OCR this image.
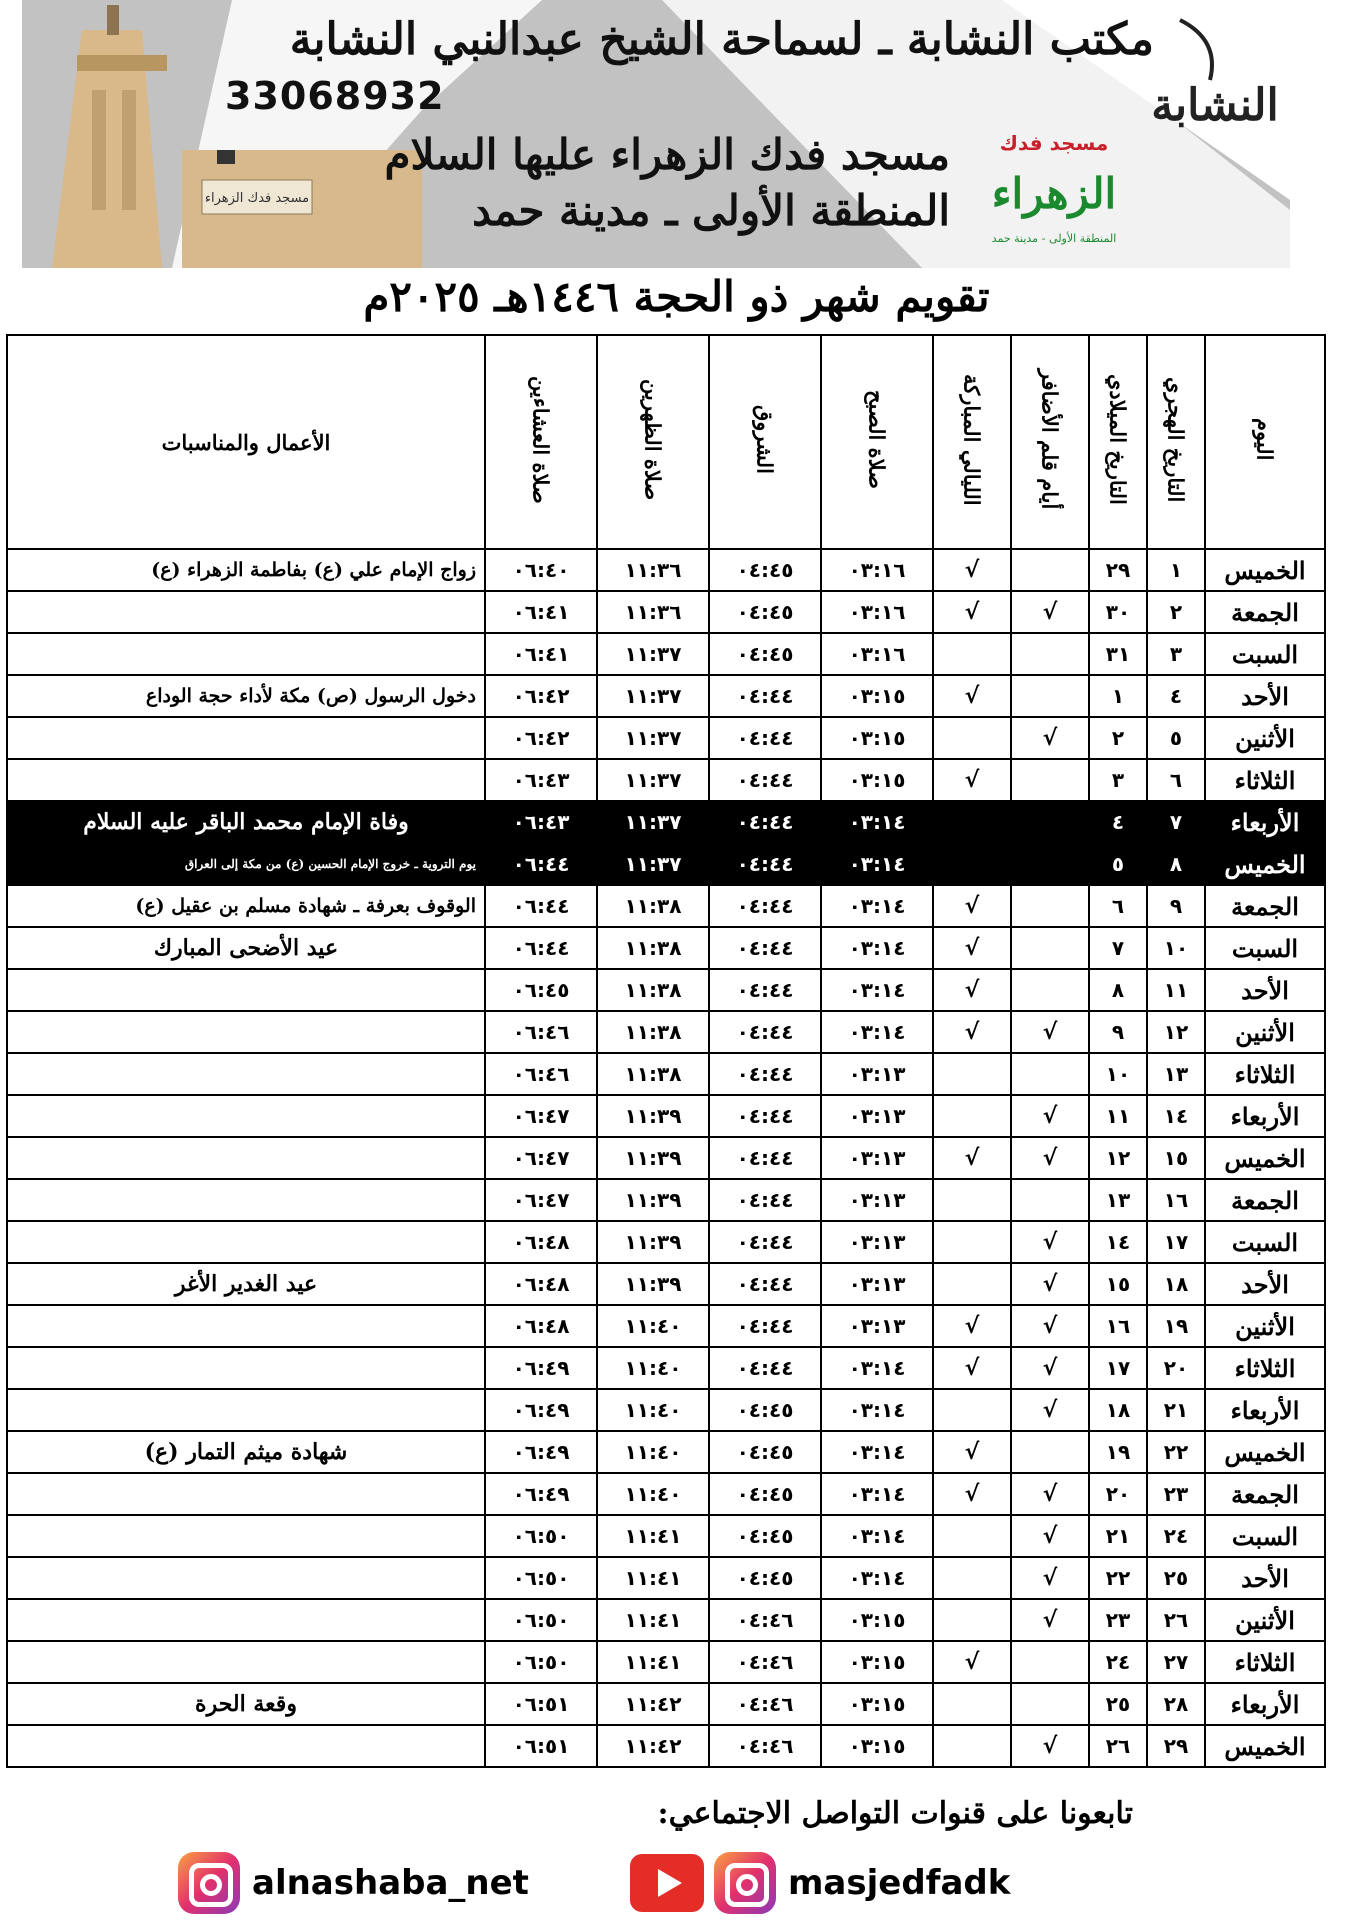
مسجد فدك الزهراء
مكتب النشابة ـ لسماحة الشيخ عبدالنبي النشابة
33068932
مسجد فدك الزهراء عليها السلام
المنطقة الأولى ـ مدينة حمد
النشابة
مسجد فدك
الزهراء
المنطقة الأولى - مدينة حمد
تقويم شهر ذو الحجة ١٤٤٦هـ ٢٠٢٥م
اليوم	التاريخ الهجري	التاريخ الميلادي	أيام قلم الأضافر	الليالي المباركة	صلاة الصبح	الشروق	صلاة الظهرين	صلاة العشاءين	الأعمال والمناسبات
الخميس	١	٢٩		√	٠٣:١٦	٠٤:٤٥	١١:٣٦	٠٦:٤٠	زواج الإمام علي (ع) بفاطمة الزهراء (ع)
الجمعة	٢	٣٠	√	√	٠٣:١٦	٠٤:٤٥	١١:٣٦	٠٦:٤١	
السبت	٣	٣١			٠٣:١٦	٠٤:٤٥	١١:٣٧	٠٦:٤١	
الأحد	٤	١		√	٠٣:١٥	٠٤:٤٤	١١:٣٧	٠٦:٤٢	دخول الرسول (ص) مكة لأداء حجة الوداع
الأثنين	٥	٢	√		٠٣:١٥	٠٤:٤٤	١١:٣٧	٠٦:٤٢	
الثلاثاء	٦	٣		√	٠٣:١٥	٠٤:٤٤	١١:٣٧	٠٦:٤٣	
الأربعاء	٧	٤			٠٣:١٤	٠٤:٤٤	١١:٣٧	٠٦:٤٣	وفاة الإمام محمد الباقر عليه السلام
الخميس	٨	٥			٠٣:١٤	٠٤:٤٤	١١:٣٧	٠٦:٤٤	يوم التروية ـ خروج الإمام الحسين (ع) من مكة إلى العراق
الجمعة	٩	٦		√	٠٣:١٤	٠٤:٤٤	١١:٣٨	٠٦:٤٤	الوقوف بعرفة ـ شهادة مسلم بن عقيل (ع)
السبت	١٠	٧		√	٠٣:١٤	٠٤:٤٤	١١:٣٨	٠٦:٤٤	عيد الأضحى المبارك
الأحد	١١	٨		√	٠٣:١٤	٠٤:٤٤	١١:٣٨	٠٦:٤٥	
الأثنين	١٢	٩	√	√	٠٣:١٤	٠٤:٤٤	١١:٣٨	٠٦:٤٦	
الثلاثاء	١٣	١٠			٠٣:١٣	٠٤:٤٤	١١:٣٨	٠٦:٤٦	
الأربعاء	١٤	١١	√		٠٣:١٣	٠٤:٤٤	١١:٣٩	٠٦:٤٧	
الخميس	١٥	١٢	√	√	٠٣:١٣	٠٤:٤٤	١١:٣٩	٠٦:٤٧	
الجمعة	١٦	١٣			٠٣:١٣	٠٤:٤٤	١١:٣٩	٠٦:٤٧	
السبت	١٧	١٤	√		٠٣:١٣	٠٤:٤٤	١١:٣٩	٠٦:٤٨	
الأحد	١٨	١٥	√		٠٣:١٣	٠٤:٤٤	١١:٣٩	٠٦:٤٨	عيد الغدير الأغر
الأثنين	١٩	١٦	√	√	٠٣:١٣	٠٤:٤٤	١١:٤٠	٠٦:٤٨	
الثلاثاء	٢٠	١٧	√	√	٠٣:١٤	٠٤:٤٤	١١:٤٠	٠٦:٤٩	
الأربعاء	٢١	١٨	√		٠٣:١٤	٠٤:٤٥	١١:٤٠	٠٦:٤٩	
الخميس	٢٢	١٩		√	٠٣:١٤	٠٤:٤٥	١١:٤٠	٠٦:٤٩	شهادة ميثم التمار (ع)
الجمعة	٢٣	٢٠	√	√	٠٣:١٤	٠٤:٤٥	١١:٤٠	٠٦:٤٩	
السبت	٢٤	٢١	√		٠٣:١٤	٠٤:٤٥	١١:٤١	٠٦:٥٠	
الأحد	٢٥	٢٢	√		٠٣:١٤	٠٤:٤٥	١١:٤١	٠٦:٥٠	
الأثنين	٢٦	٢٣	√		٠٣:١٥	٠٤:٤٦	١١:٤١	٠٦:٥٠	
الثلاثاء	٢٧	٢٤		√	٠٣:١٥	٠٤:٤٦	١١:٤١	٠٦:٥٠	
الأربعاء	٢٨	٢٥			٠٣:١٥	٠٤:٤٦	١١:٤٢	٠٦:٥١	وقعة الحرة
الخميس	٢٩	٢٦	√		٠٣:١٥	٠٤:٤٦	١١:٤٢	٠٦:٥١	
تابعونا على قنوات التواصل الاجتماعي:
alnashaba_net	masjedfadk
